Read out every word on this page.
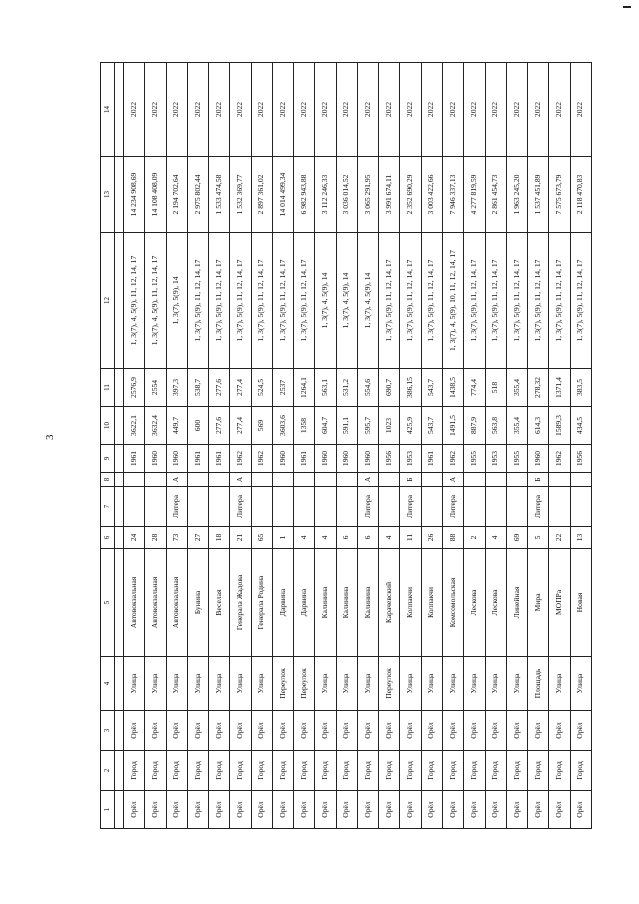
3
1	2	3	4	5	6	7	8	9	10	11	12	13	14

Орёл	Город	Орёл	Улица	Автовокзальная	24			1961	3622,1	2576,9	1, 3(7), 4, 5(9), 11, 12, 14, 17	14 234 908,69	2022
Орёл	Город	Орёл	Улица	Автовокзальная	28			1960	3632,4	2554	1, 3(7), 4, 5(9), 11, 12, 14, 17	14 108 408,09	2022
Орёл	Город	Орёл	Улица	Автовокзальная	73	Литера	А	1960	449,7	397,3	1, 3(7), 5(9), 14	2 194 702,64	2022
Орёл	Город	Орёл	Улица	Бунина	27			1961	600	538,7	1, 3(7), 5(9), 11, 12, 14, 17	2 975 802,44	2022
Орёл	Город	Орёл	Улица	Веселая	18			1961	277,6	277,6	1, 3(7), 5(9), 11, 12, 14, 17	1 533 474,58	2022
Орёл	Город	Орёл	Улица	Генерала Жадова	21	Литера	А	1962	277,4	277,4	1, 3(7), 5(9), 11, 12, 14, 17	1 532 369,77	2022
Орёл	Город	Орёл	Улица	Генерала Родина	65			1962	569	524,5	1, 3(7), 5(9), 11, 12, 14, 17	2 897 361,02	2022
Орёл	Город	Орёл	Переулок	Дарвина	1			1960	3603,6	2537	1, 3(7), 5(9), 11, 12, 14, 17	14 014 499,34	2022
Орёл	Город	Орёл	Переулок	Дарвина	4			1961	1358	1264,1	1, 3(7), 5(9), 11, 12, 14, 17	6 982 943,88	2022
Орёл	Город	Орёл	Улица	Калинина	4			1960	604,7	563,1	1, 3(7), 4, 5(9), 14	3 112 246,33	2022
Орёл	Город	Орёл	Улица	Калинина	6			1960	591,1	531,2	1, 3(7), 4, 5(9), 14	3 036 014,52	2022
Орёл	Город	Орёл	Улица	Калинина	6	Литера	А	1960	595,7	554,6	1, 3(7), 4, 5(9), 14	3 065 291,95	2022
Орёл	Город	Орёл	Переулок	Карачевский	4			1956	1023	690,7	1, 3(7), 5(9), 11, 12, 14, 17	3 991 674,11	2022
Орёл	Город	Орёл	Улица	Колпакчи	11	Литера	Б	1953	425,9	386,15	1, 3(7), 5(9), 11, 12, 14, 17	2 352 690,29	2022
Орёл	Город	Орёл	Улица	Колпакчи	26			1961	543,7	543,7	1, 3(7), 5(9), 11, 12, 14, 17	3 003 422,66	2022
Орёл	Город	Орёл	Улица	Комсомольская	88	Литера	А	1962	1491,5	1438,5	1, 3(7), 4, 5(9), 10, 11, 12, 14, 17	7 946 337,13	2022
Орёл	Город	Орёл	Улица	Лескова	2			1955	887,9	774,4	1, 3(7), 5(9), 11, 12, 14, 17	4 277 819,59	2022
Орёл	Город	Орёл	Улица	Лескова	4			1953	563,8	518	1, 3(7), 5(9), 11, 12, 14, 17	2 861 454,73	2022
Орёл	Город	Орёл	Улица	Линейная	69			1955	355,4	355,4	1, 3(7), 5(9), 11, 12, 14, 17	1 963 245,20	2022
Орёл	Город	Орёл	Площадь	Мира	5	Литера	Б	1960	614,3	278,32	1, 3(7), 5(9), 11, 12, 14, 17	1 537 451,89	2022
Орёл	Город	Орёл	Улица	МОПРа	22			1962	1589,3	1371,4	1, 3(7), 5(9), 11, 12, 14, 17	7 575 673,79	2022
Орёл	Город	Орёл	Улица	Новая	13			1956	434,5	383,5	1, 3(7), 5(9), 11, 12, 14, 17	2 118 470,83	2022
